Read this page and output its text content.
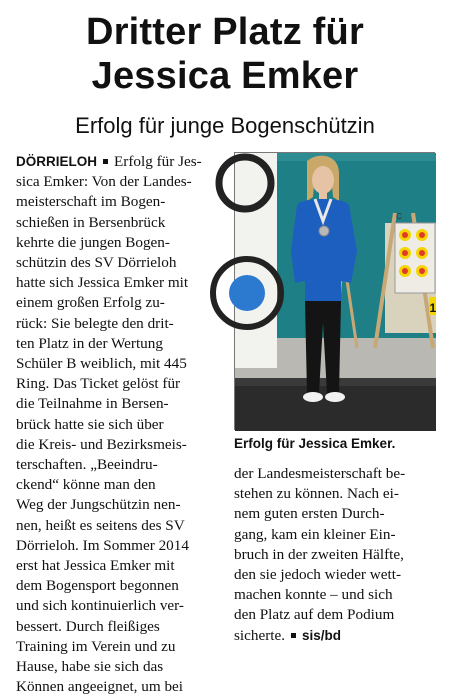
Dritter Platz für
Jessica Emker
Erfolg für junge Bogenschützin
DÖRRIELOH Erfolg für Jes-
sica Emker: Von der Landes-
meisterschaft im Bogen-
schießen in Bersenbrück
kehrte die jungen Bogen-
schützin des SV Dörrieloh
hatte sich Jessica Emker mit
einem großen Erfolg zu-
rück: Sie belegte den drit-
ten Platz in der Wertung
Schüler B weiblich, mit 445
Ring. Das Ticket gelöst für
die Teilnahme in Bersen-
brück hatte sie sich über
die Kreis- und Bezirksmeis-
terschaften. „Beeindru-
ckend“ könne man den
Weg der Jungschützin nen-
nen, heißt es seitens des SV
Dörrieloh. Im Sommer 2014
erst hat Jessica Emker mit
dem Bogensport begonnen
und sich kontinuierlich ver-
bessert. Durch fleißiges
Training im Verein und zu
Hause, habe sie sich das
Können angeeignet, um bei
C
1
Erfolg für Jessica Emker.
der Landesmeisterschaft be-
stehen zu können. Nach ei-
nem guten ersten Durch-
gang, kam ein kleiner Ein-
bruch in der zweiten Hälfte,
den sie jedoch wieder wett-
machen konnte – und sich
den Platz auf dem Podium
sicherte. sis/bd
